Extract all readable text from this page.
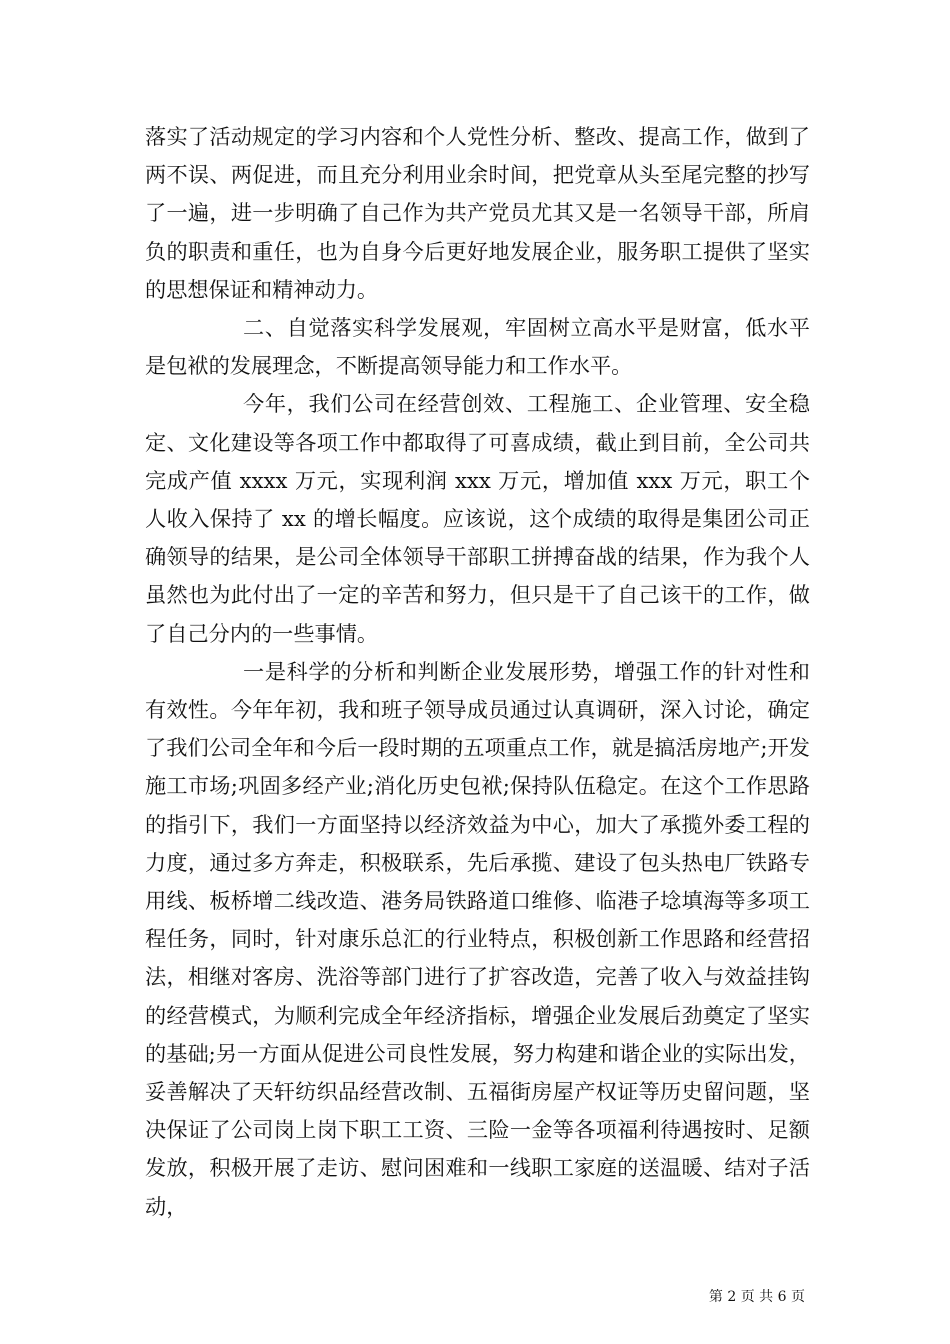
落实了活动规定的学习内容和个人党性分析、整改、提高工作，做到了两不误、两促进，而且充分利用业余时间，把党章从头至尾完整的抄写了一遍，进一步明确了自己作为共产党员尤其又是一名领导干部，所肩负的职责和重任，也为自身今后更好地发展企业，服务职工提供了坚实的思想保证和精神动力。

二、自觉落实科学发展观，牢固树立高水平是财富，低水平是包袱的发展理念，不断提高领导能力和工作水平。

今年，我们公司在经营创效、工程施工、企业管理、安全稳定、文化建设等各项工作中都取得了可喜成绩，截止到目前，全公司共完成产值 xxxx 万元，实现利润 xxx 万元，增加值 xxx 万元，职工个人收入保持了 xx 的增长幅度。应该说，这个成绩的取得是集团公司正确领导的结果，是公司全体领导干部职工拼搏奋战的结果，作为我个人虽然也为此付出了一定的辛苦和努力，但只是干了自己该干的工作，做了自己分内的一些事情。

一是科学的分析和判断企业发展形势，增强工作的针对性和有效性。今年年初，我和班子领导成员通过认真调研，深入讨论，确定了我们公司全年和今后一段时期的五项重点工作，就是搞活房地产;开发施工市场;巩固多经产业;消化历史包袱;保持队伍稳定。在这个工作思路的指引下，我们一方面坚持以经济效益为中心，加大了承揽外委工程的力度，通过多方奔走，积极联系，先后承揽、建设了包头热电厂铁路专用线、板桥增二线改造、港务局铁路道口维修、临港子埝填海等多项工程任务，同时，针对康乐总汇的行业特点，积极创新工作思路和经营招法，相继对客房、洗浴等部门进行了扩容改造，完善了收入与效益挂钩的经营模式，为顺利完成全年经济指标，增强企业发展后劲奠定了坚实的基础;另一方面从促进公司良性发展，努力构建和谐企业的实际出发，妥善解决了天轩纺织品经营改制、五福街房屋产权证等历史留问题，坚决保证了公司岗上岗下职工工资、三险一金等各项福利待遇按时、足额发放，积极开展了走访、慰问困难和一线职工家庭的送温暖、结对子活动，

第 2 页 共 6 页
